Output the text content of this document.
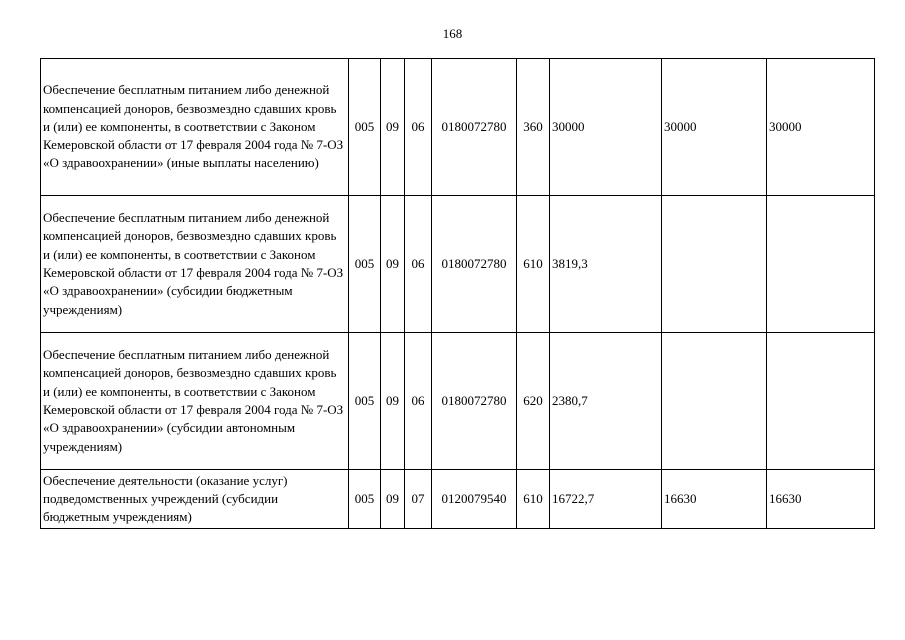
168
Обеспечение бесплатным питанием либо денежной компенсацией доноров, безвозмездно сдавших кровь и (или) ее компоненты, в соответствии с Законом Кемеровской области от 17 февраля 2004 года № 7-ОЗ «О здравоохранении» (иные выплаты населению)	005	09	06	0180072780	360	30000	30000	30000
Обеспечение бесплатным питанием либо денежной компенсацией доноров, безвозмездно сдавших кровь и (или) ее компоненты, в соответствии с Законом Кемеровской области от 17 февраля 2004 года № 7-ОЗ «О здравоохранении» (субсидии бюджетным учреждениям)	005	09	06	0180072780	610	3819,3		
Обеспечение бесплатным питанием либо денежной компенсацией доноров, безвозмездно сдавших кровь и (или) ее компоненты, в соответствии с Законом Кемеровской области от 17 февраля 2004 года № 7-ОЗ «О здравоохранении» (субсидии автономным учреждениям)	005	09	06	0180072780	620	2380,7		
Обеспечение деятельности (оказание услуг) подведомственных учреждений (субсидии бюджетным учреждениям)	005	09	07	0120079540	610	16722,7	16630	16630
